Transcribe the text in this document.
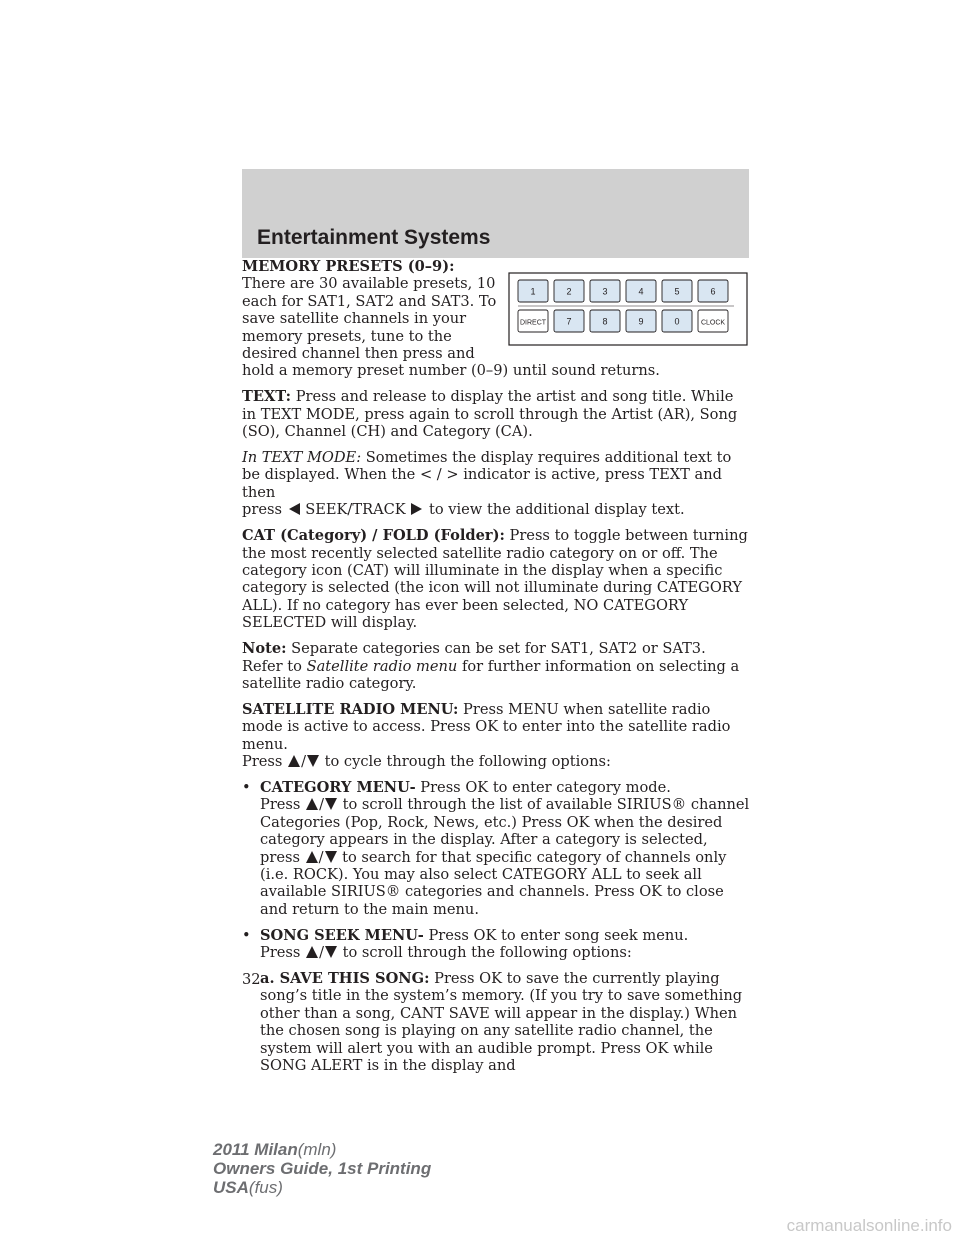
Entertainment Systems
1	2	3	4	5	6
DIRECT 7	8	9	0	CLOCK

MEMORY PRESETS (0–9): There are 30 available presets, 10 each for SAT1, SAT2 and SAT3. To save satellite channels in your memory presets, tune to the desired channel then press and hold a memory preset number (0–9) until sound returns.

TEXT: Press and release to display the artist and song title. While in TEXT MODE, press again to scroll through the Artist (AR), Song (SO), Channel (CH) and Category (CA).

In TEXT MODE: Sometimes the display requires additional text to be displayed. When the < / > indicator is active, press TEXT and then
press SEEK/TRACK to view the additional display text.

CAT (Category) / FOLD (Folder): Press to toggle between turning the most recently selected satellite radio category on or off. The category icon (CAT) will illuminate in the display when a specific category is selected (the icon will not illuminate during CATEGORY ALL). If no category has ever been selected, NO CATEGORY SELECTED will display.

Note: Separate categories can be set for SAT1, SAT2 or SAT3.
Refer to Satellite radio menu for further information on selecting a satellite radio category.

SATELLITE RADIO MENU: Press MENU when satellite radio mode is active to access. Press OK to enter into the satellite radio menu.
Press / to cycle through the following options:

• CATEGORY MENU- Press OK to enter category mode.
Press / to scroll through the list of available SIRIUS® channel
Categories (Pop, Rock, News, etc.) Press OK when the desired category appears in the display. After a category is selected,
press / to search for that specific category of channels only
(i.e. ROCK). You may also select CATEGORY ALL to seek all available SIRIUS® categories and channels. Press OK to close and return to the main menu.
• SONG SEEK MENU- Press OK to enter song seek menu.
Press / to scroll through the following options:

a. SAVE THIS SONG: Press OK to save the currently playing song’s title in the system’s memory. (If you try to save something other than a song, CANT SAVE will appear in the display.) When the chosen song is playing on any satellite radio channel, the system will alert you with an audible prompt. Press OK while SONG ALERT is in the display and

32
2011 Milan(mln)
Owners Guide, 1st Printing
USA(fus)
carmanualsonline.info
